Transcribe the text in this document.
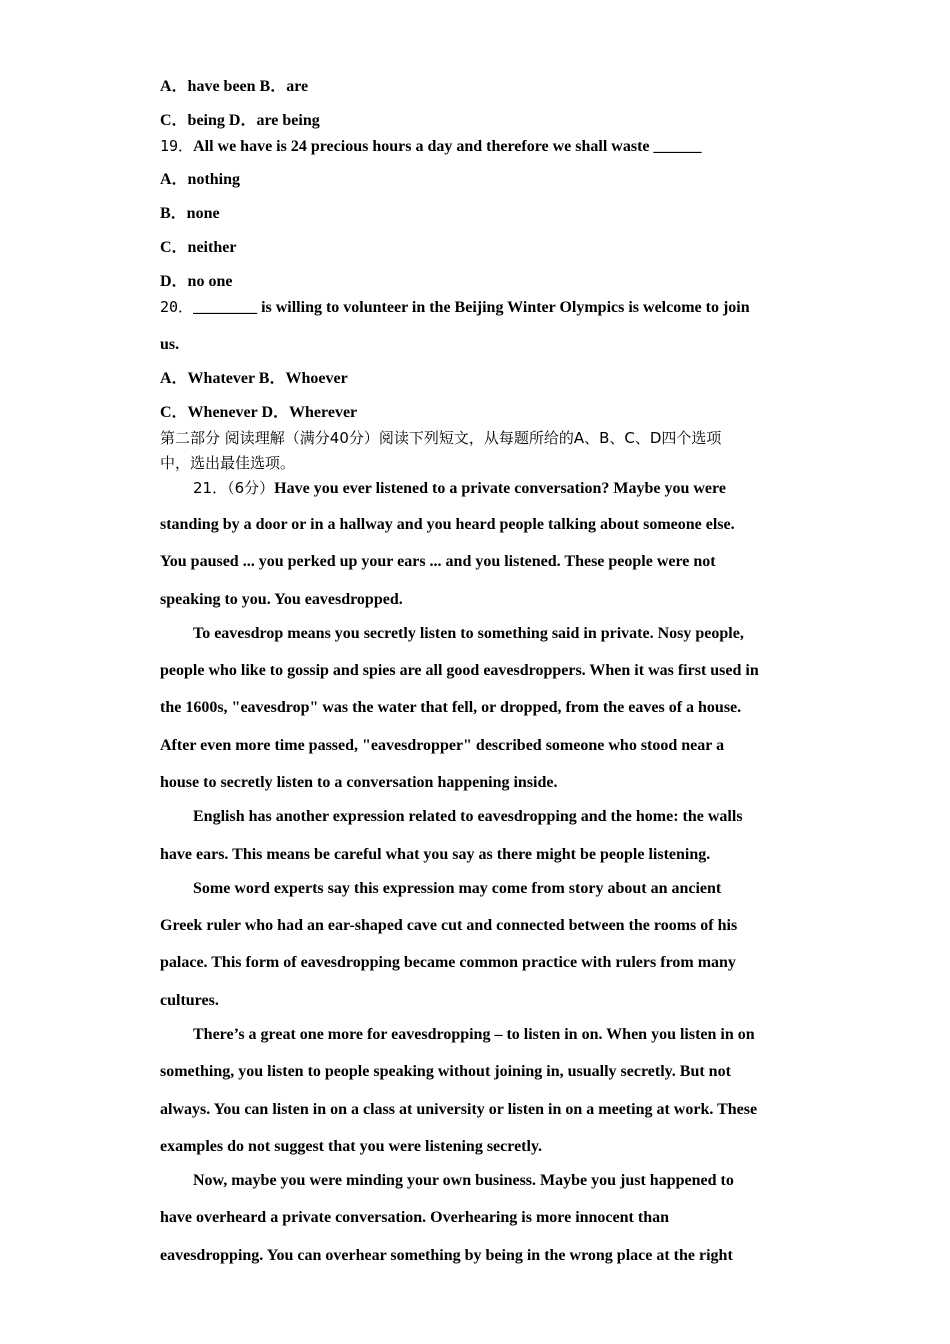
A．have been B．are
C．being D．are being
19．All we have is 24 precious hours a day and therefore we shall waste ______
A．nothing
B．none
C．neither
D．no one
20．________ is willing to volunteer in the Beijing Winter Olympics is welcome to join
us.
A．Whatever B．Whoever
C．Whenever D．Wherever
第二部分 阅读理解（满分40分）阅读下列短文，从每题所给的A、B、C、D四个选项
中，选出最佳选项。
21．（6分）Have you ever listened to a private conversation? Maybe you were
standing by a door or in a hallway and you heard people talking about someone else.
You paused ... you perked up your ears ... and you listened. These people were not
speaking to you. You eavesdropped.
To eavesdrop means you secretly listen to something said in private. Nosy people,
people who like to gossip and spies are all good eavesdroppers. When it was first used in
the 1600s, "eavesdrop" was the water that fell, or dropped, from the eaves of a house.
After even more time passed, "eavesdropper" described someone who stood near a
house to secretly listen to a conversation happening inside.
English has another expression related to eavesdropping and the home: the walls
have ears. This means be careful what you say as there might be people listening.
Some word experts say this expression may come from story about an ancient
Greek ruler who had an ear-shaped cave cut and connected between the rooms of his
palace. This form of eavesdropping became common practice with rulers from many
cultures.
There’s a great one more for eavesdropping – to listen in on. When you listen in on
something, you listen to people speaking without joining in, usually secretly. But not
always. You can listen in on a class at university or listen in on a meeting at work. These
examples do not suggest that you were listening secretly.
Now, maybe you were minding your own business. Maybe you just happened to
have overheard a private conversation. Overhearing is more innocent than
eavesdropping. You can overhear something by being in the wrong place at the right
